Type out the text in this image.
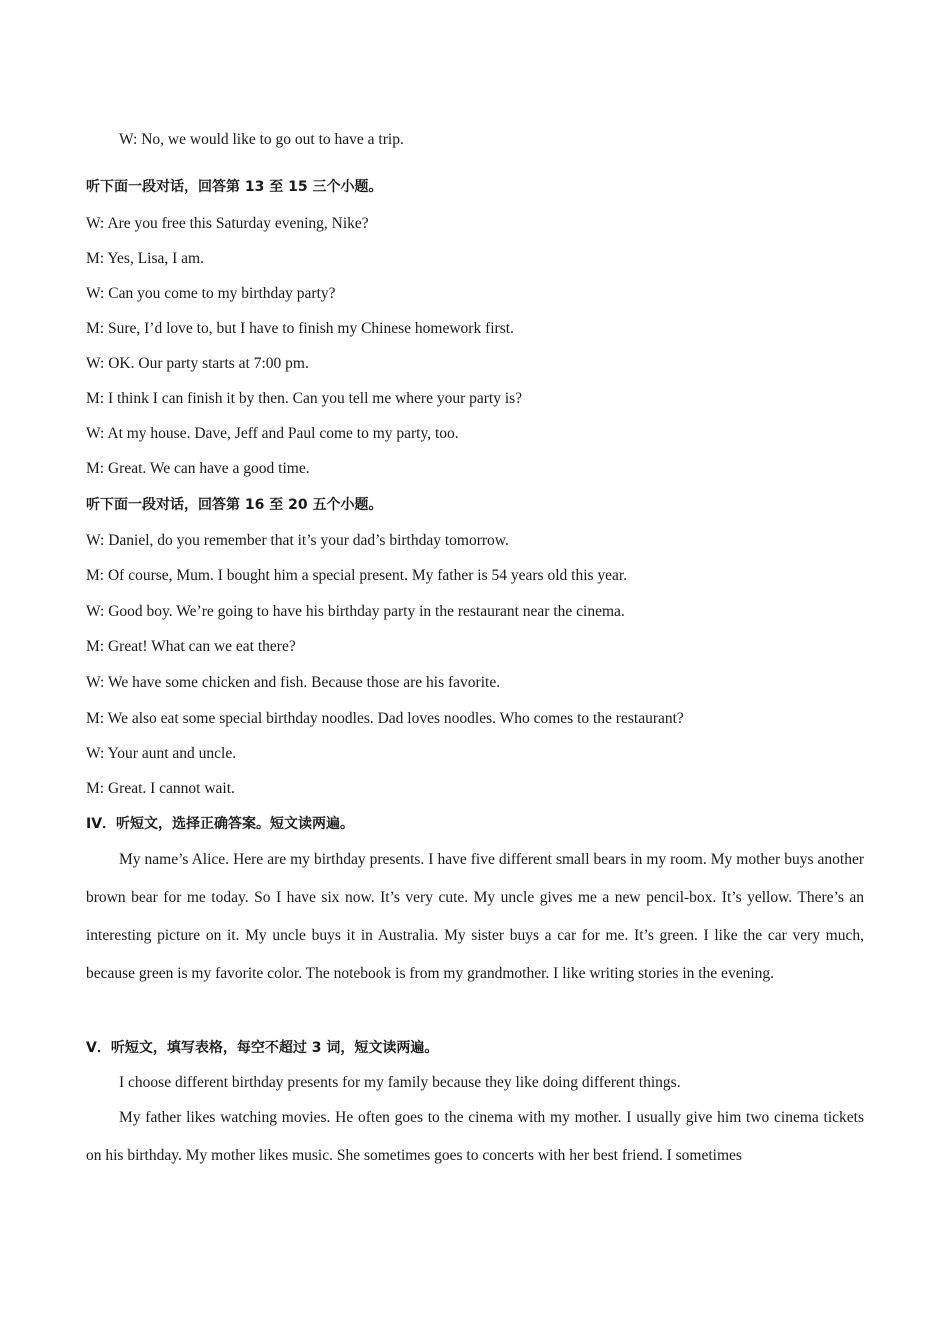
W: No, we would like to go out to have a trip.
听下面一段对话，回答第 13 至 15 三个小题。
W: Are you free this Saturday evening, Nike?
M: Yes, Lisa, I am.
W: Can you come to my birthday party?
M: Sure, I’d love to, but I have to finish my Chinese homework first.
W: OK. Our party starts at 7:00 pm.
M: I think I can finish it by then. Can you tell me where your party is?
W: At my house. Dave, Jeff and Paul come to my party, too.
M: Great. We can have a good time.
听下面一段对话，回答第 16 至 20 五个小题。
W: Daniel, do you remember that it’s your dad’s birthday tomorrow.
M: Of course, Mum. I bought him a special present. My father is 54 years old this year.
W: Good boy. We’re going to have his birthday party in the restaurant near the cinema.
M: Great! What can we eat there?
W: We have some chicken and fish. Because those are his favorite.
M: We also eat some special birthday noodles. Dad loves noodles. Who comes to the restaurant?
W: Your aunt and uncle.
M: Great. I cannot wait.
IV．听短文，选择正确答案。短文读两遍。
My name’s Alice. Here are my birthday presents. I have five different small bears in my room. My mother buys another brown bear for me today. So I have six now. It’s very cute. My uncle gives me a new pencil-box. It’s yellow. There’s an interesting picture on it. My uncle buys it in Australia. My sister buys a car for me. It’s green. I like the car very much, because green is my favorite color. The notebook is from my grandmother. I like writing stories in the evening.
V．听短文，填写表格，每空不超过 3 词，短文读两遍。
I choose different birthday presents for my family because they like doing different things.
My father likes watching movies. He often goes to the cinema with my mother. I usually give him two cinema tickets on his birthday. My mother likes music. She sometimes goes to concerts with her best friend. I sometimes
